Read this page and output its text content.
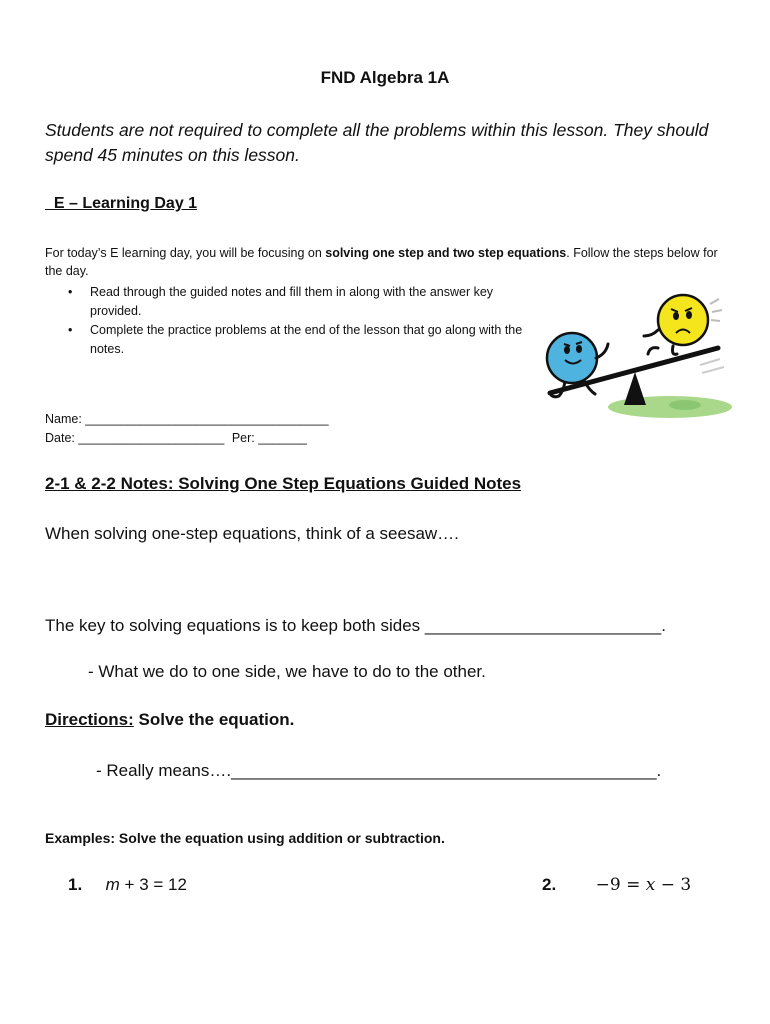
FND Algebra 1A
Students are not required to complete all the problems within this lesson. They should spend 45 minutes on this lesson.
E – Learning Day 1
For today’s E learning day, you will be focusing on solving one step and two step equations. Follow the steps below for the day.
• Read through the guided notes and fill them in along with the answer key provided.
• Complete the practice problems at the end of the lesson that go along with the notes.
Name: ___________________________________
Date: _____________________ Per: _______
2-1 & 2-2 Notes: Solving One Step Equations Guided Notes
When solving one-step equations, think of a seesaw….
The key to solving equations is to keep both sides _________________________.
- What we do to one side, we have to do to the other.
Directions: Solve the equation.
- Really means…._____________________________________________.
Examples: Solve the equation using addition or subtraction.
1. m + 3 = 12	2. −9 = 𝑥 − 3
